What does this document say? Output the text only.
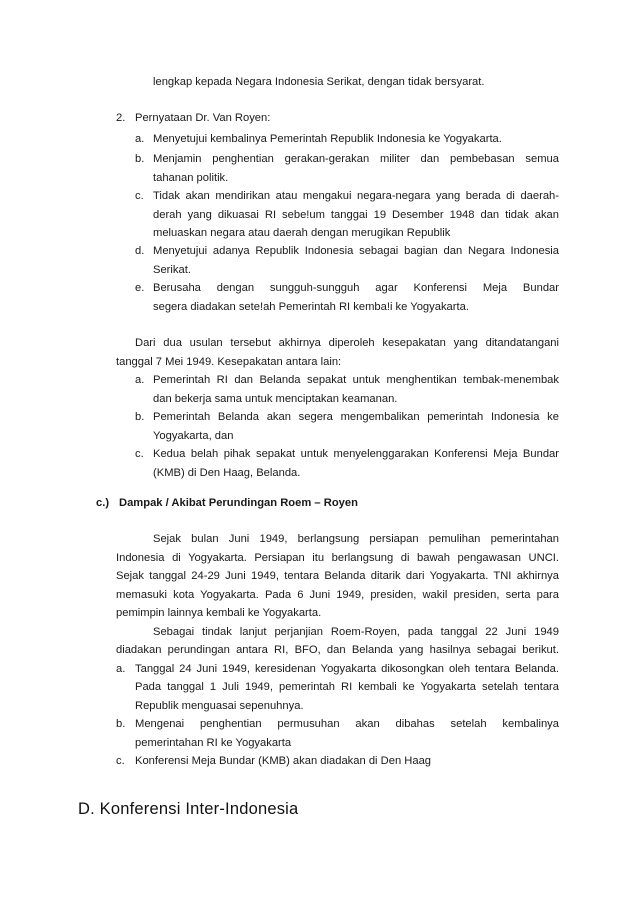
lengkap kepada Negara Indonesia Serikat, dengan tidak bersyarat.
2. Pernyataan Dr. Van Royen:
a. Menyetujui kembalinya Pemerintah Republik Indonesia ke Yogyakarta.
b. Menjamin penghentian gerakan-gerakan militer dan pembebasan semua
tahanan politik.
c. Tidak akan mendirikan atau mengakui negara-negara yang berada di daerah-
derah yang dikuasai RI sebe!um tanggai 19 Desember 1948 dan tidak akan
meluaskan negara atau daerah dengan merugikan Republik
d. Menyetujui adanya Republik Indonesia sebagai bagian dan Negara Indonesia
Serikat.
e. Berusaha dengan sungguh-sungguh agar Konferensi Meja Bundar
segera diadakan sete!ah Pemerintah RI kemba!i ke Yogyakarta.
Dari dua usulan tersebut akhirnya diperoleh kesepakatan yang ditandatangani
tanggal 7 Mei 1949. Kesepakatan antara lain:
a. Pemerintah RI dan Belanda sepakat untuk menghentikan tembak-menembak
dan bekerja sama untuk menciptakan keamanan.
b. Pemerintah Belanda akan segera mengembalikan pemerintah Indonesia ke
Yogyakarta, dan
c. Kedua belah pihak sepakat untuk menyelenggarakan Konferensi Meja Bundar
(KMB) di Den Haag, Belanda.
c.) Dampak / Akibat Perundingan Roem – Royen
Sejak bulan Juni 1949, berlangsung persiapan pemulihan pemerintahan
Indonesia di Yogyakarta. Persiapan itu berlangsung di bawah pengawasan UNCI.
Sejak tanggal 24-29 Juni 1949, tentara Belanda ditarik dari Yogyakarta. TNI akhirnya
memasuki kota Yogyakarta. Pada 6 Juni 1949, presiden, wakil presiden, serta para
pemimpin lainnya kembali ke Yogyakarta.
Sebagai tindak lanjut perjanjian Roem-Royen, pada tanggal 22 Juni 1949
diadakan perundingan antara RI, BFO, dan Belanda yang hasilnya sebagai berikut.
a. Tanggal 24 Juni 1949, keresidenan Yogyakarta dikosongkan oleh tentara Belanda.
Pada tanggal 1 Juli 1949, pemerintah RI kembali ke Yogyakarta setelah tentara
Republik menguasai sepenuhnya.
b. Mengenai penghentian permusuhan akan dibahas setelah kembalinya
pemerintahan RI ke Yogyakarta
c. Konferensi Meja Bundar (KMB) akan diadakan di Den Haag
D. Konferensi Inter-Indonesia
